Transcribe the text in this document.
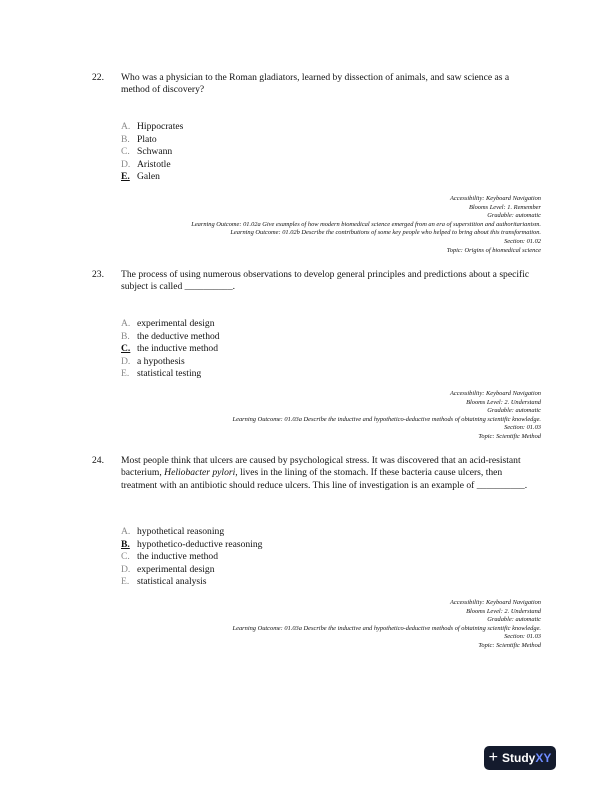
22. Who was a physician to the Roman gladiators, learned by dissection of animals, and saw science as a method of discovery?
A. Hippocrates
B. Plato
C. Schwann
D. Aristotle
E. Galen
Accessibility: Keyboard Navigation
Blooms Level: 1. Remember
Gradable: automatic
Learning Outcome: 01.02a Give examples of how modern biomedical science emerged from an era of superstition and authoritarianism.
Learning Outcome: 01.02b Describe the contributions of some key people who helped to bring about this transformation.
Section: 01.02
Topic: Origins of biomedical science
23. The process of using numerous observations to develop general principles and predictions about a specific subject is called __________.
A. experimental design
B. the deductive method
C. the inductive method
D. a hypothesis
E. statistical testing
Accessibility: Keyboard Navigation
Blooms Level: 2. Understand
Gradable: automatic
Learning Outcome: 01.03a Describe the inductive and hypothetico-deductive methods of obtaining scientific knowledge.
Section: 01.03
Topic: Scientific Method
24. Most people think that ulcers are caused by psychological stress. It was discovered that an acid-resistant bacterium, Heliobacter pylori, lives in the lining of the stomach. If these bacteria cause ulcers, then treatment with an antibiotic should reduce ulcers. This line of investigation is an example of __________.
A. hypothetical reasoning
B. hypothetico-deductive reasoning
C. the inductive method
D. experimental design
E. statistical analysis
Accessibility: Keyboard Navigation
Blooms Level: 2. Understand
Gradable: automatic
Learning Outcome: 01.03a Describe the inductive and hypothetico-deductive methods of obtaining scientific knowledge.
Section: 01.03
Topic: Scientific Method
+ Study XY
